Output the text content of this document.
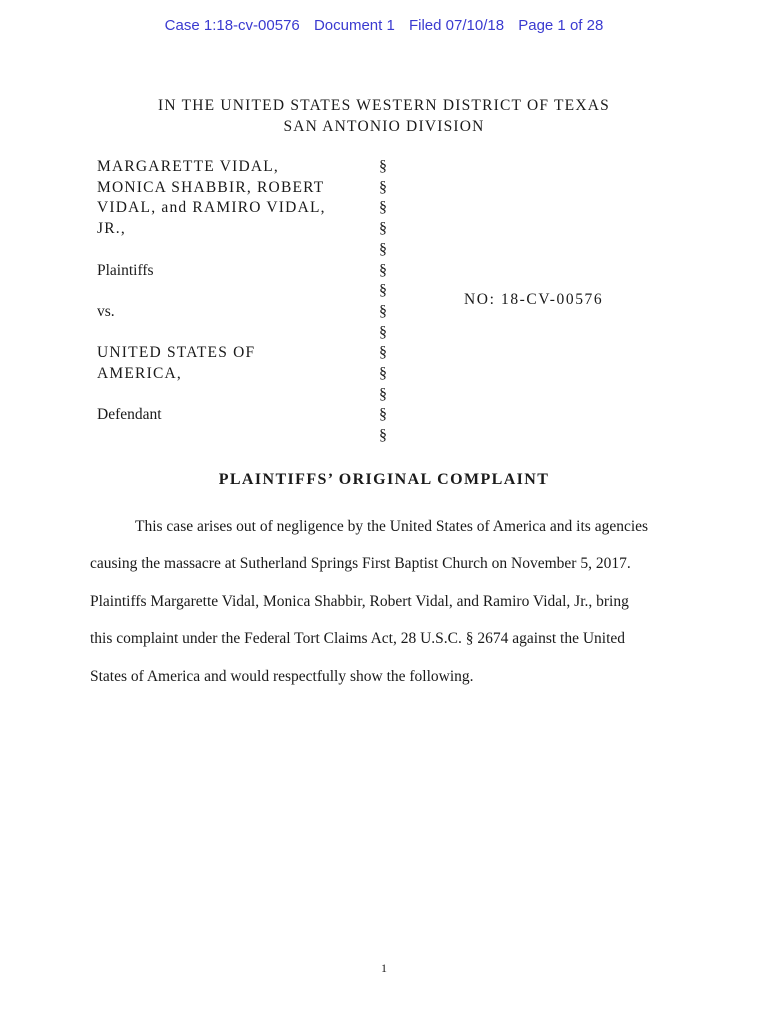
Case 1:18-cv-00576 Document 1 Filed 07/10/18 Page 1 of 28
IN THE UNITED STATES WESTERN DISTRICT OF TEXAS
SAN ANTONIO DIVISION
MARGARETTE VIDAL,
MONICA SHABBIR, ROBERT
VIDAL, and RAMIRO VIDAL,
JR.,
Plaintiffs
vs.
UNITED STATES OF
AMERICA,
Defendant
§
§
§
§
§
§
§
§
§
§
§
§
§
§
NO: 18-CV-00576
PLAINTIFFS’ ORIGINAL COMPLAINT
This case arises out of negligence by the United States of America and its agencies
causing the massacre at Sutherland Springs First Baptist Church on November 5, 2017.
Plaintiffs Margarette Vidal, Monica Shabbir, Robert Vidal, and Ramiro Vidal, Jr., bring
this complaint under the Federal Tort Claims Act, 28 U.S.C. § 2674 against the United
States of America and would respectfully show the following.
1
